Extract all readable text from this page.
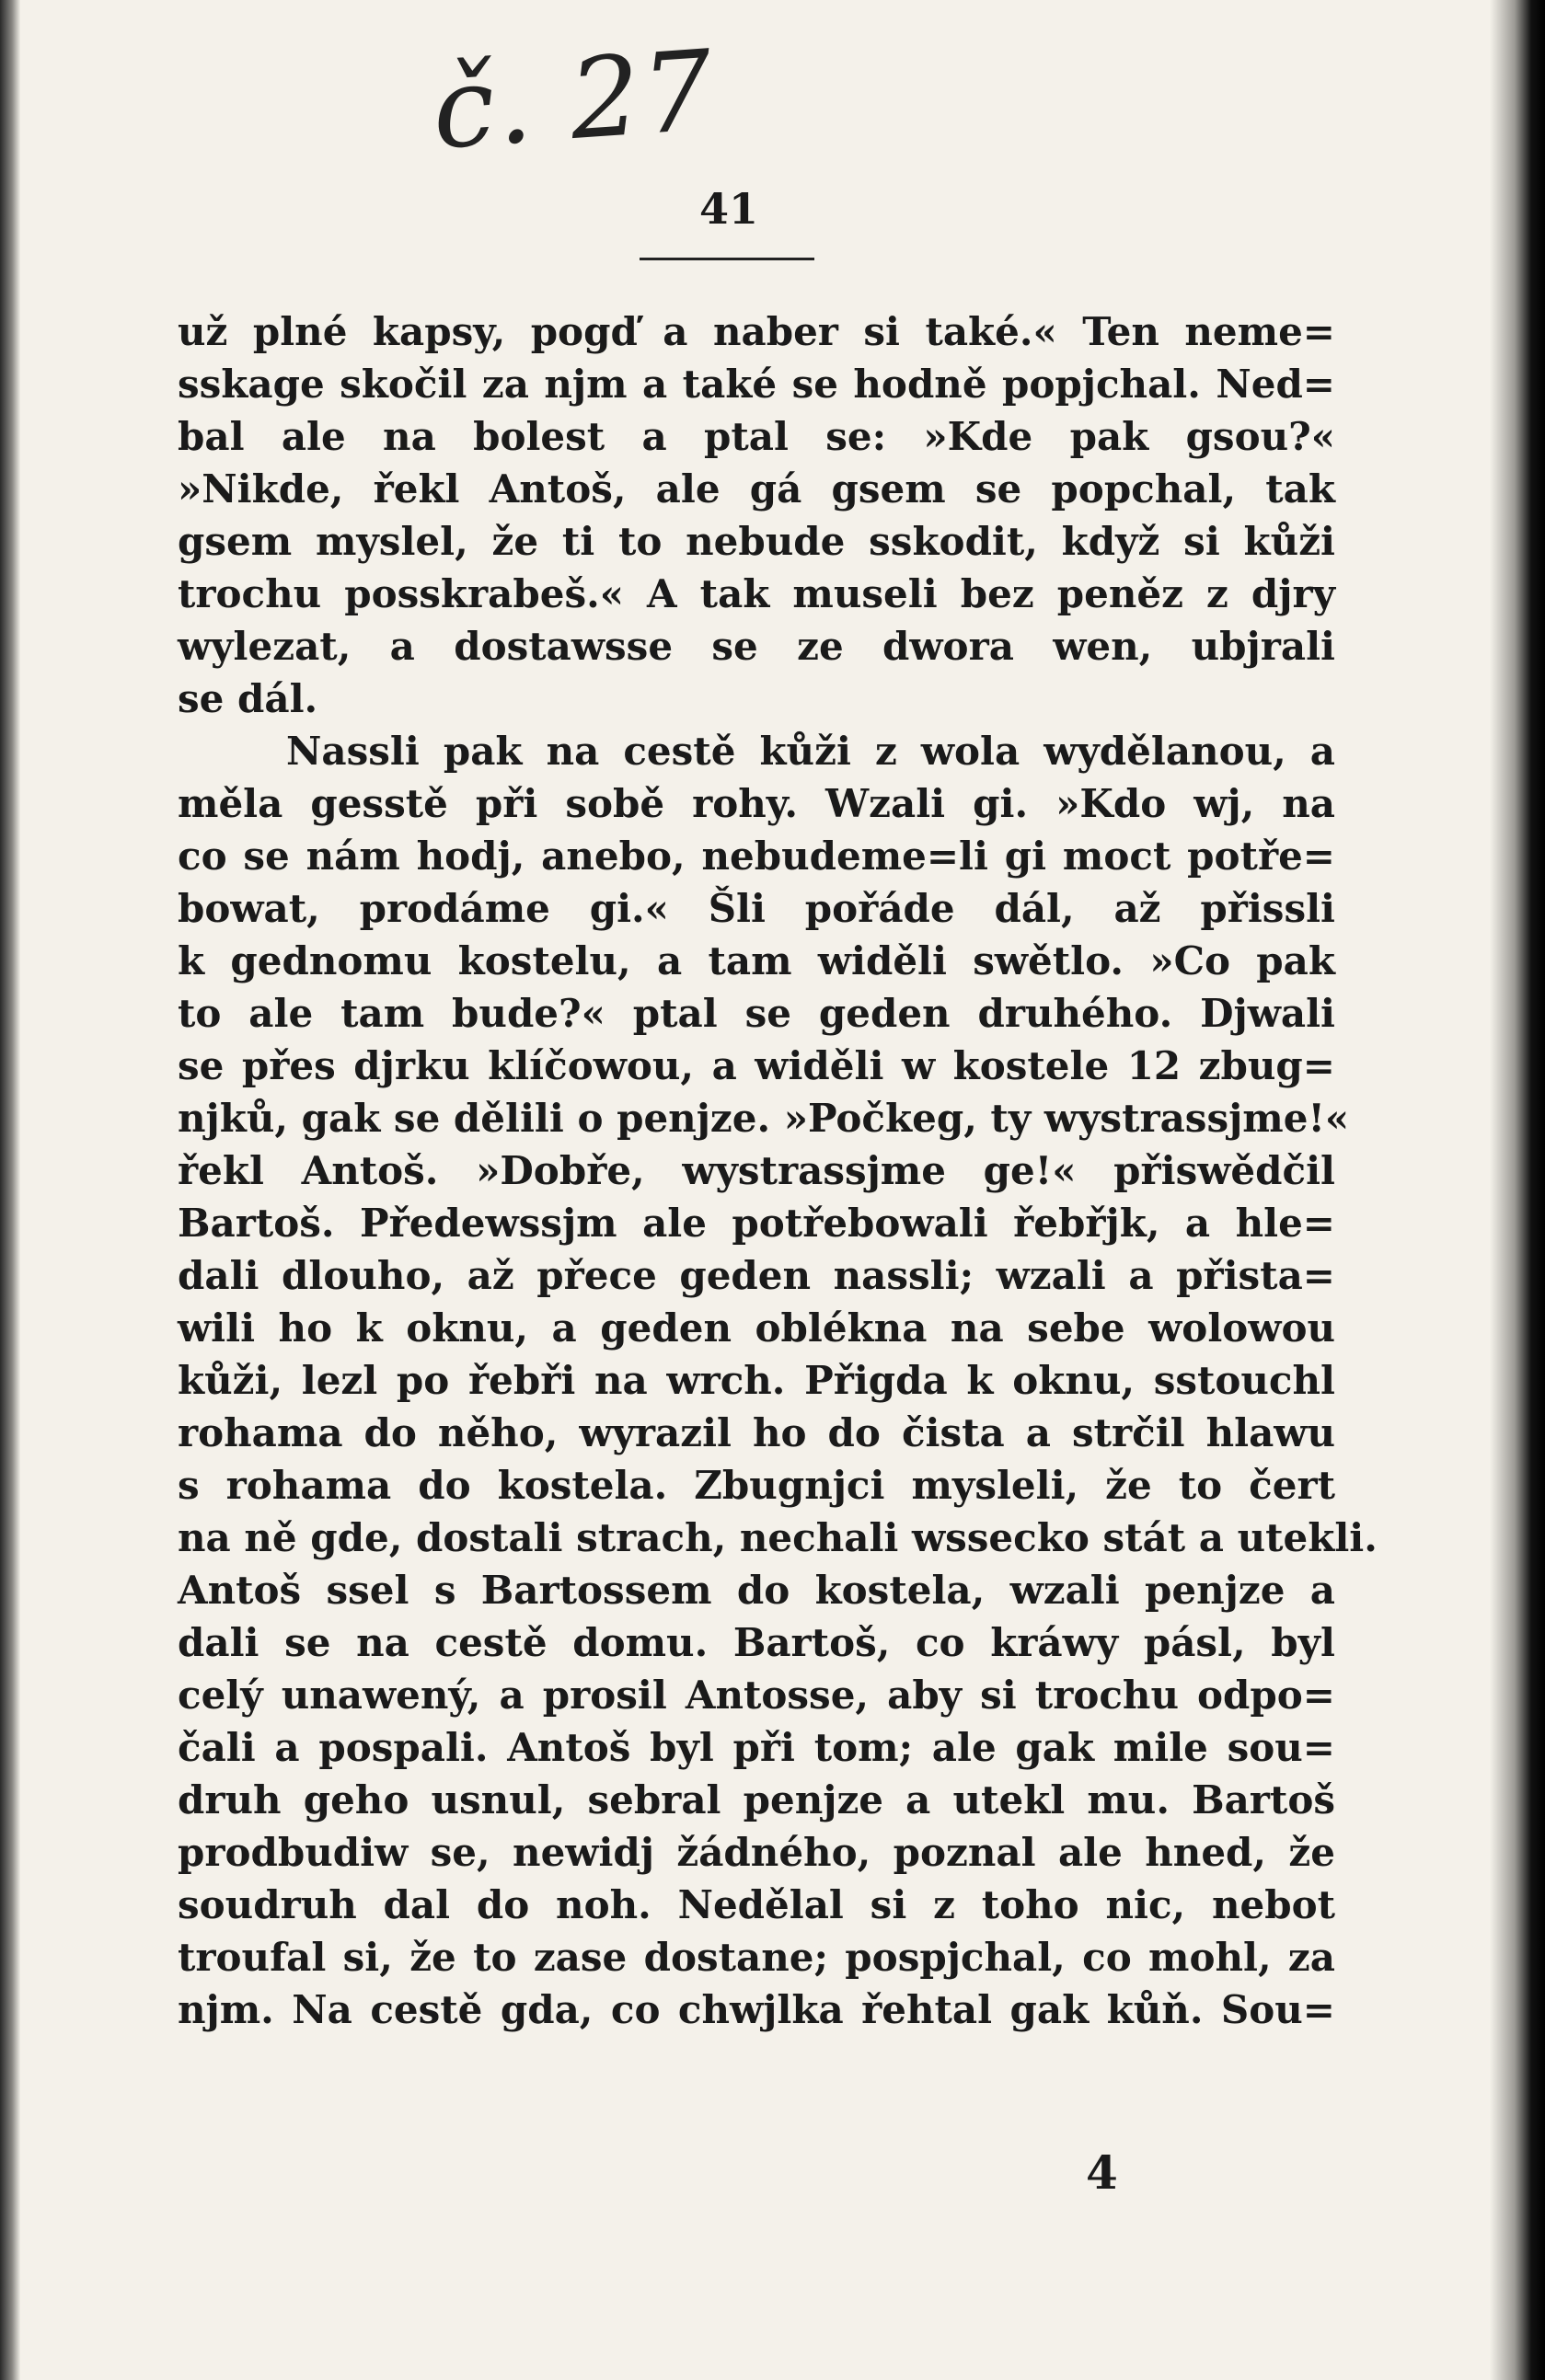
č. 27
41
už plné kapsy, pogď a naber si také.« Ten neme=
sskage skočil za njm a také se hodně popjchal. Ned=
bal ale na bolest a ptal se: »Kde pak gsou?«
»Nikde, řekl Antoš, ale gá gsem se popchal, tak
gsem myslel, že ti to nebude sskodit, když si kůži
trochu posskrabeš.« A tak museli bez peněz z djry
wylezat, a dostawsse se ze dwora wen, ubjrali
se dál.
Nassli pak na cestě kůži z wola wydělanou, a
měla gesstě při sobě rohy. Wzali gi. »Kdo wj, na
co se nám hodj, anebo, nebudeme=li gi moct potře=
bowat, prodáme gi.« Šli pořáde dál, až přissli
k gednomu kostelu, a tam widěli swětlo. »Co pak
to ale tam bude?« ptal se geden druhého. Djwali
se přes djrku klíčowou, a widěli w kostele 12 zbug=
njků, gak se dělili o penjze. »Počkeg, ty wystrassjme!«
řekl Antoš. »Dobře, wystrassjme ge!« přiswědčil
Bartoš. Předewssjm ale potřebowali řebřjk, a hle=
dali dlouho, až přece geden nassli; wzali a přista=
wili ho k oknu, a geden obléknа na sebe wolowou
kůži, lezl po řebři na wrch. Přigda k oknu, sstouchl
rohama do něho, wyrazil ho do čista a strčil hlawu
s rohama do kostela. Zbugnjci mysleli, že to čert
na ně gde, dostali strach, nechali wssecko stát a utekli.
Antoš ssel s Bartossem do kostela, wzali penjze a
dali se na cestě domu. Bartoš, co kráwy pásl, byl
celý unawený, a prosil Antosse, aby si trochu odpo=
čali a pospali. Antoš byl při tom; ale gak mile sou=
druh geho usnul, sebral penjze a utekl mu. Bartoš
prodbudiw se, newidj žádného, poznal ale hned, že
soudruh dal do noh. Nedělal si z toho nic, nebot
troufal si, že to zase dostane; pospjchal, co mohl, za
njm. Na cestě gda, co chwjlka řehtal gak kůň. Sou=
4
